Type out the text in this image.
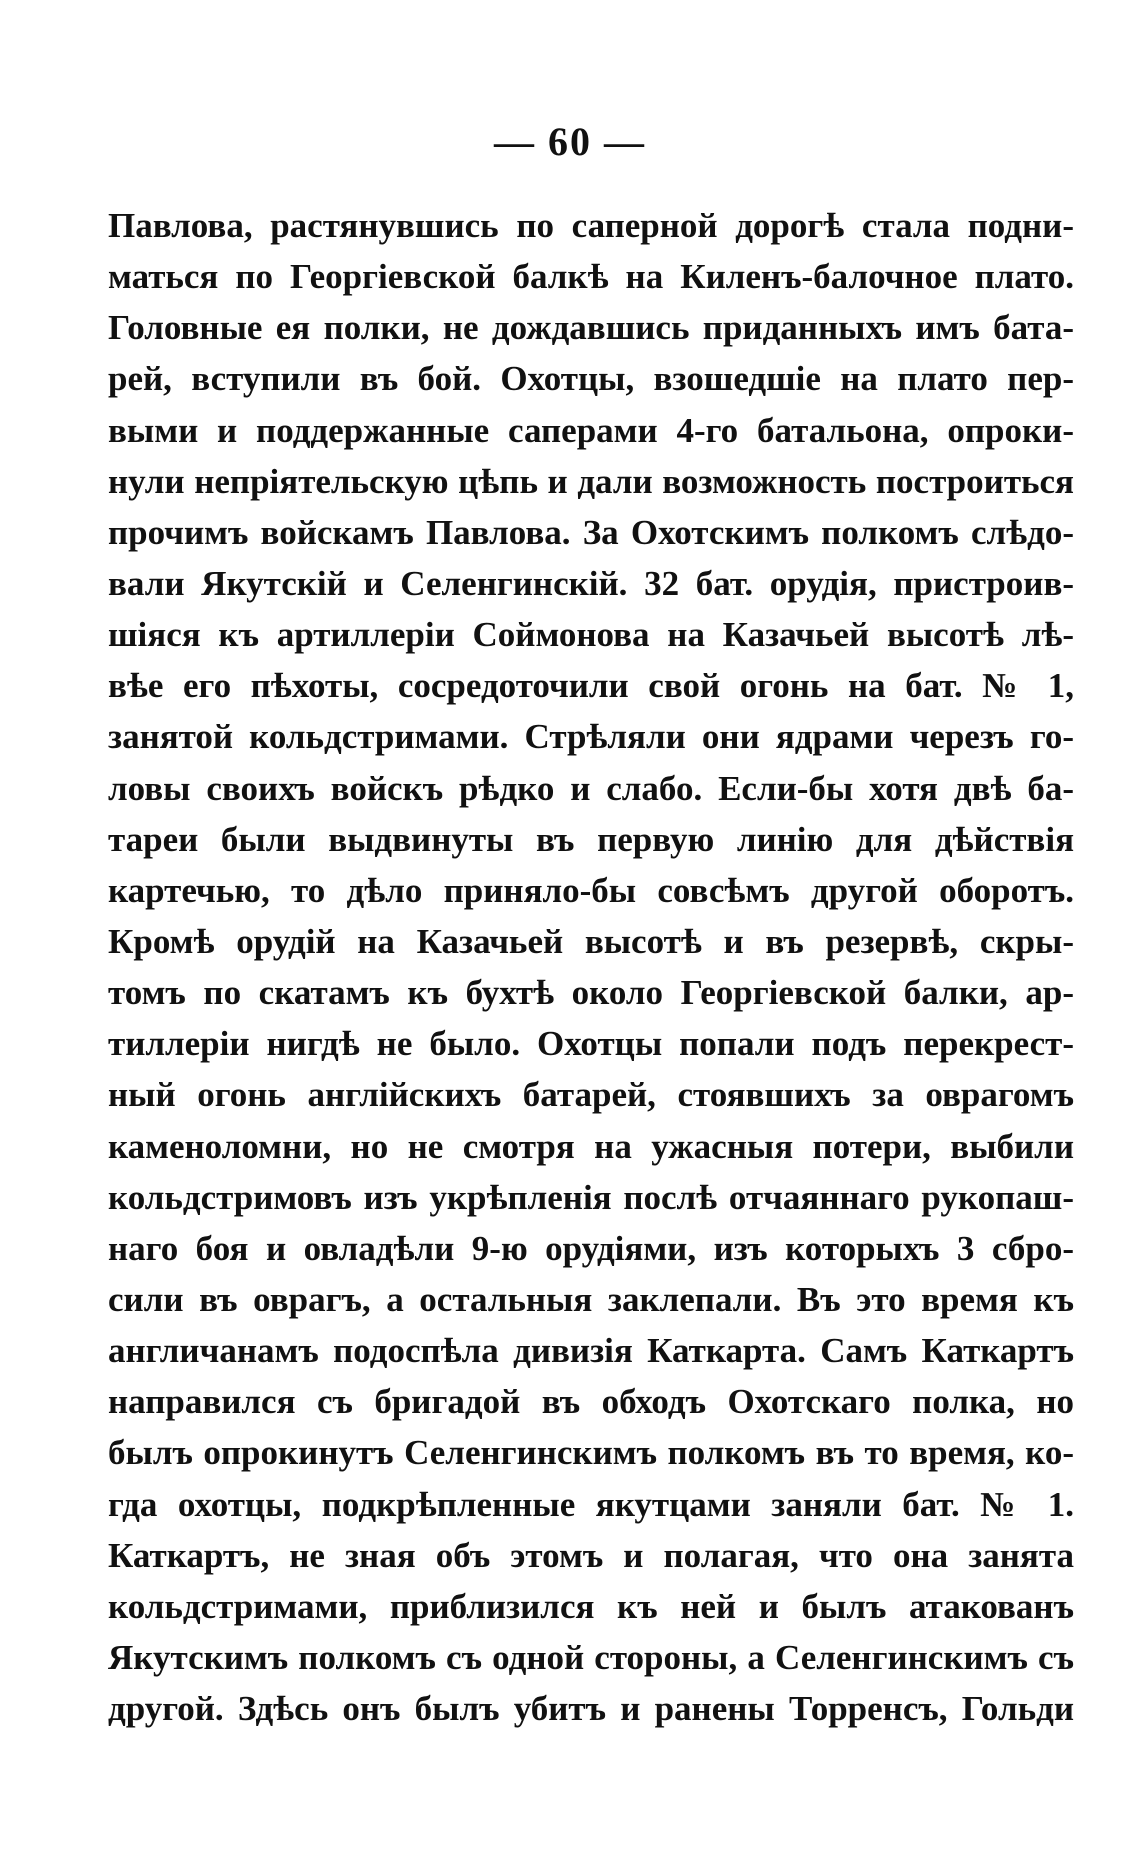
— 60 —
Павлова, растянувшись по саперной дорогѣ стала подни-
маться по Георгіевской балкѣ на Киленъ-балочное плато.
Головные ея полки, не дождавшись приданныхъ имъ бата-
рей, вступили въ бой. Охотцы, взошедшіе на плато пер-
выми и поддержанные саперами 4-го батальона, опроки-
нули непріятельскую цѣпь и дали возможность построиться
прочимъ войскамъ Павлова. За Охотскимъ полкомъ слѣдо-
вали Якутскій и Селенгинскій. 32 бат. орудія, пристроив-
шіяся къ артиллеріи Соймонова на Казачьей высотѣ лѣ-
вѣе его пѣхоты, сосредоточили свой огонь на бат. № 1,
занятой кольдстримами. Стрѣляли они ядрами черезъ го-
ловы своихъ войскъ рѣдко и слабо. Если-бы хотя двѣ ба-
тареи были выдвинуты въ первую линію для дѣйствія
картечью, то дѣло приняло-бы совсѣмъ другой оборотъ.
Кромѣ орудій на Казачьей высотѣ и въ резервѣ, скры-
томъ по скатамъ къ бухтѣ около Георгіевской балки, ар-
тиллеріи нигдѣ не было. Охотцы попали подъ перекрест-
ный огонь англійскихъ батарей, стоявшихъ за оврагомъ
каменоломни, но не смотря на ужасныя потери, выбили
кольдстримовъ изъ укрѣпленія послѣ отчаяннаго рукопаш-
наго боя и овладѣли 9-ю орудіями, изъ которыхъ 3 сбро-
сили въ оврагъ, а остальныя заклепали. Въ это время къ
англичанамъ подоспѣла дивизія Каткарта. Самъ Каткартъ
направился съ бригадой въ обходъ Охотскаго полка, но
былъ опрокинутъ Селенгинскимъ полкомъ въ то время, ко-
гда охотцы, подкрѣпленные якутцами заняли бат. № 1.
Каткартъ, не зная объ этомъ и полагая, что она занята
кольдстримами, приблизился къ ней и былъ атакованъ
Якутскимъ полкомъ съ одной стороны, а Селенгинскимъ съ
другой. Здѣсь онъ былъ убитъ и ранены Торренсъ, Гольди
